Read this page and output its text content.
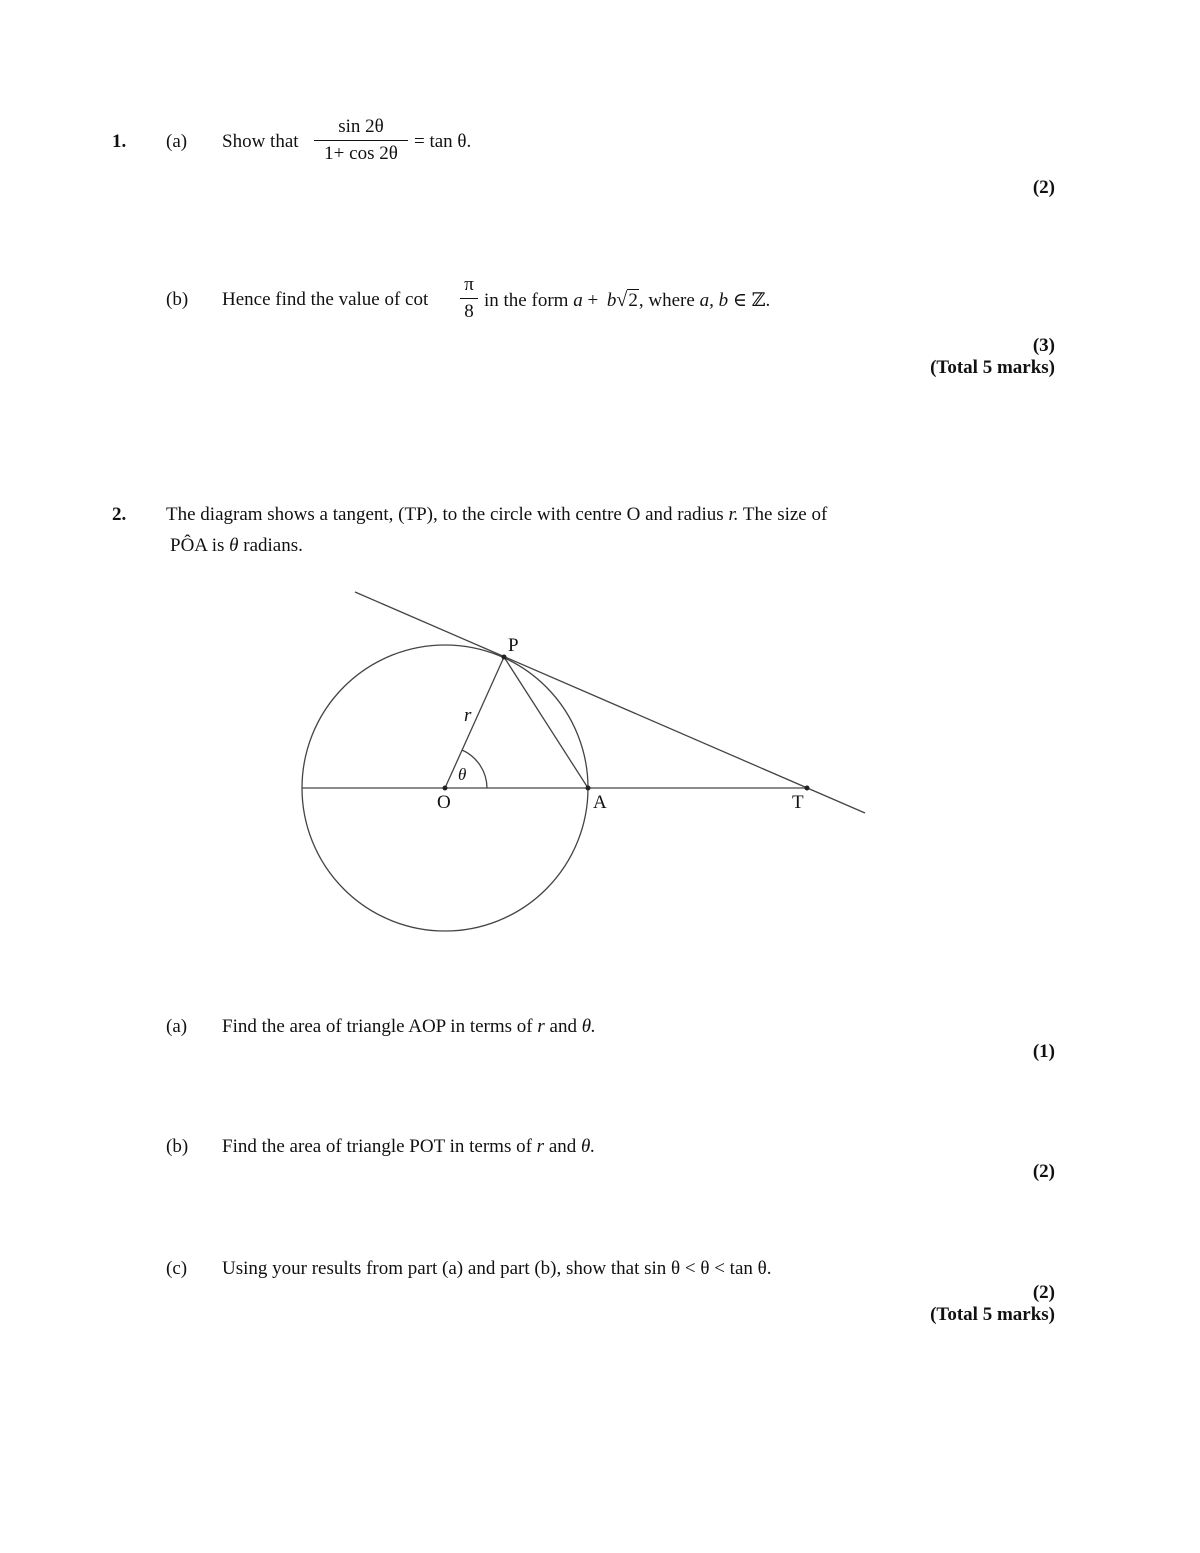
1. (a) Show that
sin 2θ
1+ cos 2θ
= tan θ.
(2)
(b) Hence find the value of cot
π
8
in the form a + b√2, where a, b ∈ ℤ.
(3)
(Total 5 marks)
2. The diagram shows a tangent, (TP), to the circle with centre O and radius r. The size of
PÔA is θ radians.
P
O	A	T
r
θ
(a) Find the area of triangle AOP in terms of r and θ.
(1)
(b) Find the area of triangle POT in terms of r and θ.
(2)
(c) Using your results from part (a) and part (b), show that sin θ < θ < tan θ.
(2)
(Total 5 marks)
